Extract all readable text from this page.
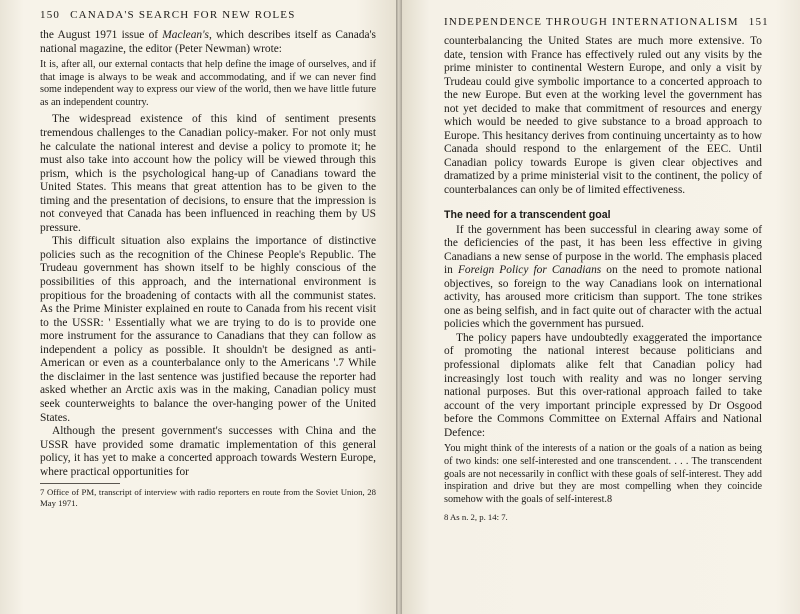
150 CANADA'S SEARCH FOR NEW ROLES

the August 1971 issue of Maclean's, which describes itself as Canada's national magazine, the editor (Peter Newman) wrote:

It is, after all, our external contacts that help define the image of ourselves, and if that image is always to be weak and accommodating, and if we can never find some independent way to express our view of the world, then we have little future as an independent country.

The widespread existence of this kind of sentiment presents tremendous challenges to the Canadian policy-maker. For not only must he calculate the national interest and devise a policy to promote it; he must also take into account how the policy will be viewed through this prism, which is the psychological hang-up of Canadians toward the United States. This means that great attention has to be given to the timing and the presentation of decisions, to ensure that the impression is not conveyed that Canada has been influenced in reaching them by US pressure.

This difficult situation also explains the importance of distinctive policies such as the recognition of the Chinese People's Republic. The Trudeau government has shown itself to be highly conscious of the possibilities of this approach, and the international environment is propitious for the broadening of contacts with all the communist states. As the Prime Minister explained en route to Canada from his recent visit to the USSR: ' Essentially what we are trying to do is to provide one more instrument for the assurance to Canadians that they can follow as independent a policy as possible. It shouldn't be designed as anti-American or even as a counterbalance only to the Americans '.7 While the disclaimer in the last sentence was justified because the reporter had asked whether an Arctic axis was in the making, Canadian policy must seek counterweights to balance the over-hanging power of the United States.

Although the present government's successes with China and the USSR have provided some dramatic implementation of this general policy, it has yet to make a concerted approach towards Western Europe, where practical opportunities for

7 Office of PM, transcript of interview with radio reporters en route from the Soviet Union, 28 May 1971.

INDEPENDENCE THROUGH INTERNATIONALISM 151

counterbalancing the United States are much more extensive. To date, tension with France has effectively ruled out any visits by the prime minister to continental Western Europe, and only a visit by Trudeau could give symbolic importance to a concerted approach to the new Europe. But even at the working level the government has not yet decided to make that commitment of resources and energy which would be needed to give substance to a broad approach to Europe. This hesitancy derives from continuing uncertainty as to how Canada should respond to the enlargement of the EEC. Until Canadian policy towards Europe is given clear objectives and dramatized by a prime ministerial visit to the continent, the policy of counterbalances can only be of limited effectiveness.

The need for a transcendent goal

If the government has been successful in clearing away some of the deficiencies of the past, it has been less effective in giving Canadians a new sense of purpose in the world. The emphasis placed in Foreign Policy for Canadians on the need to promote national objectives, so foreign to the way Canadians look on international activity, has aroused more criticism than support. The tone strikes one as being selfish, and in fact quite out of character with the actual policies which the government has pursued.

The policy papers have undoubtedly exaggerated the importance of promoting the national interest because politicians and professional diplomats alike felt that Canadian policy had increasingly lost touch with reality and was no longer serving national purposes. But this over-rational approach failed to take account of the very important principle expressed by Dr Osgood before the Commons Committee on External Affairs and National Defence:

You might think of the interests of a nation or the goals of a nation as being of two kinds: one self-interested and one transcendent. . . . The transcendent goals are not necessarily in conflict with these goals of self-interest. They add inspiration and drive but they are most compelling when they coincide somehow with the goals of self-interest.8

8 As n. 2, p. 14: 7.
